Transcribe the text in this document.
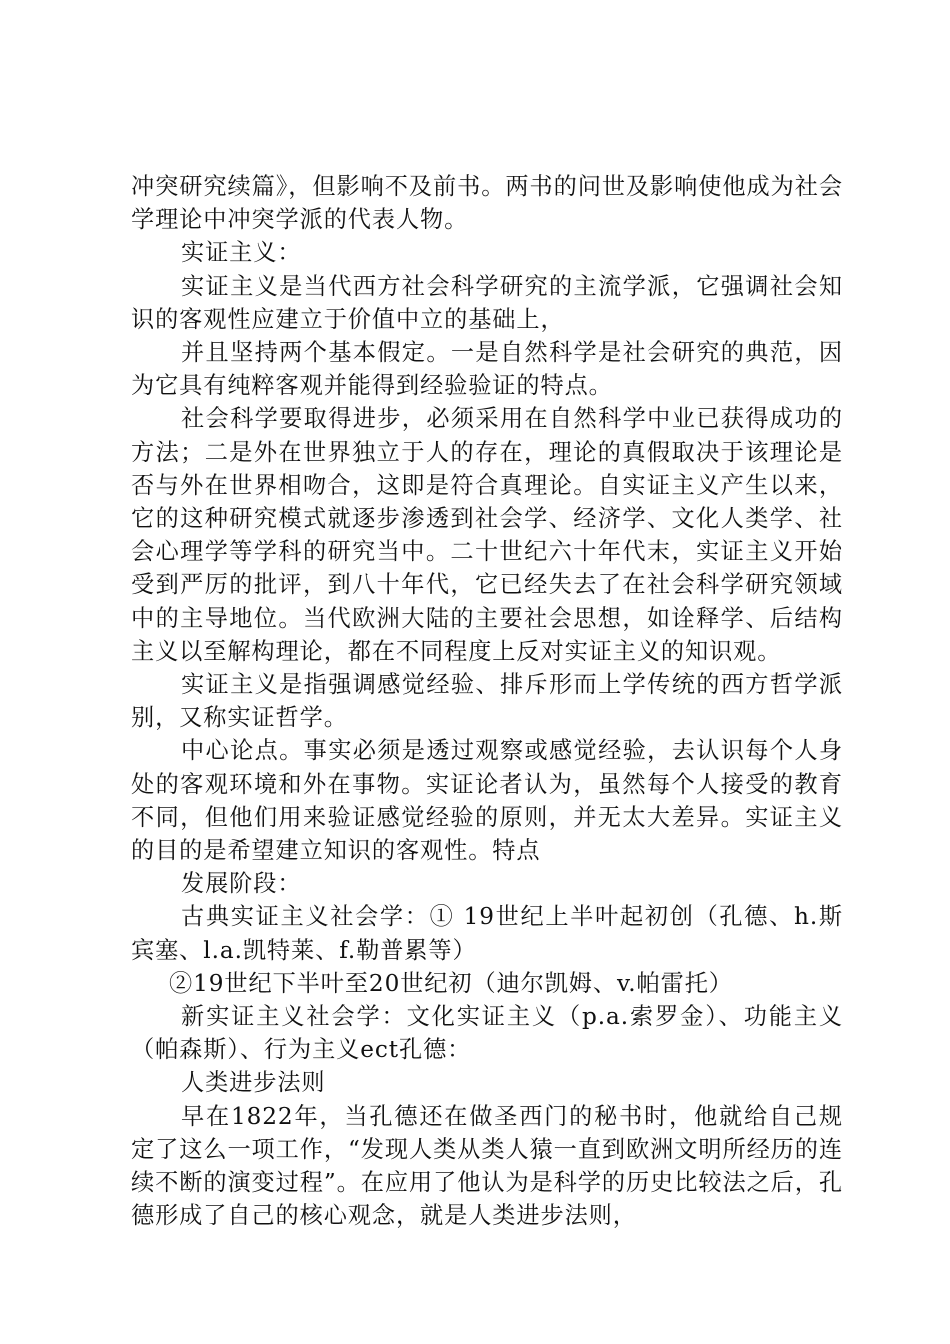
冲突研究续篇》，但影响不及前书。两书的问世及影响使他成为社会学理论中冲突学派的代表人物。

实证主义：

实证主义是当代西方社会科学研究的主流学派，它强调社会知识的客观性应建立于价值中立的基础上，

并且坚持两个基本假定。一是自然科学是社会研究的典范，因为它具有纯粹客观并能得到经验验证的特点。

社会科学要取得进步，必须采用在自然科学中业已获得成功的方法；二是外在世界独立于人的存在，理论的真假取决于该理论是否与外在世界相吻合，这即是符合真理论。自实证主义产生以来，它的这种研究模式就逐步渗透到社会学、经济学、文化人类学、社会心理学等学科的研究当中。二十世纪六十年代末，实证主义开始受到严厉的批评，到八十年代，它已经失去了在社会科学研究领域中的主导地位。当代欧洲大陆的主要社会思想，如诠释学、后结构主义以至解构理论，都在不同程度上反对实证主义的知识观。

实证主义是指强调感觉经验、排斥形而上学传统的西方哲学派别，又称实证哲学。

中心论点。事实必须是透过观察或感觉经验，去认识每个人身处的客观环境和外在事物。实证论者认为，虽然每个人接受的教育不同，但他们用来验证感觉经验的原则，并无太大差异。实证主义的目的是希望建立知识的客观性。特点

发展阶段：

古典实证主义社会学：① 19世纪上半叶起初创（孔德、h.斯宾塞、l.a.凯特莱、f.勒普累等）

②19世纪下半叶至20世纪初（迪尔凯姆、v.帕雷托）

新实证主义社会学：文化实证主义（p.a.索罗金）、功能主义（帕森斯）、行为主义ect孔德：

人类进步法则

早在1822年，当孔德还在做圣西门的秘书时，他就给自己规定了这么一项工作，“发现人类从类人猿一直到欧洲文明所经历的连续不断的演变过程”。在应用了他认为是科学的历史比较法之后，孔德形成了自己的核心观念，就是人类进步法则，
